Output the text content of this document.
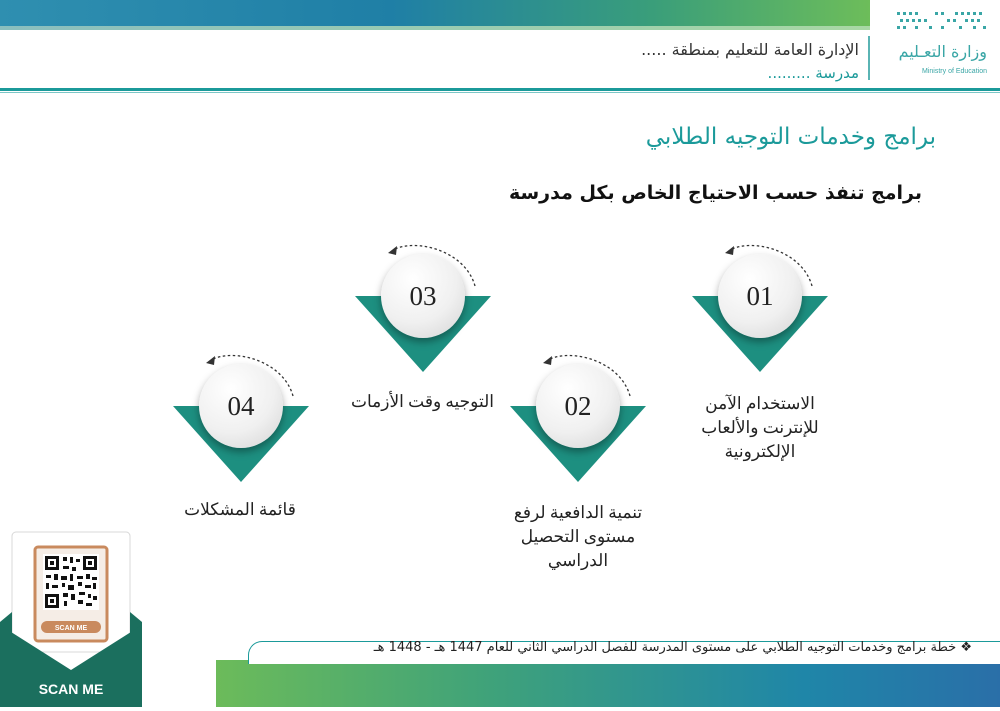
الإدارة العامة للتعليم بمنطقة .....
مدرسة .........
وزارة التعـليم
Ministry of Education
برامج وخدمات التوجيه الطلابي
برامج تنفذ حسب الاحتياج الخاص بكل مدرسة
01
الاستخدام الآمن للإنترنت والألعاب الإلكترونية
02
تنمية الدافعية لرفع مستوى التحصيل الدراسي
03
التوجيه وقت الأزمات
04
قائمة المشكلات
❖ خطة برامج وخدمات التوجيه الطلابي على مستوى المدرسة للفصل الدراسي الثاني للعام 1447 هـ - 1448 هـ
SCAN ME
SCAN ME
